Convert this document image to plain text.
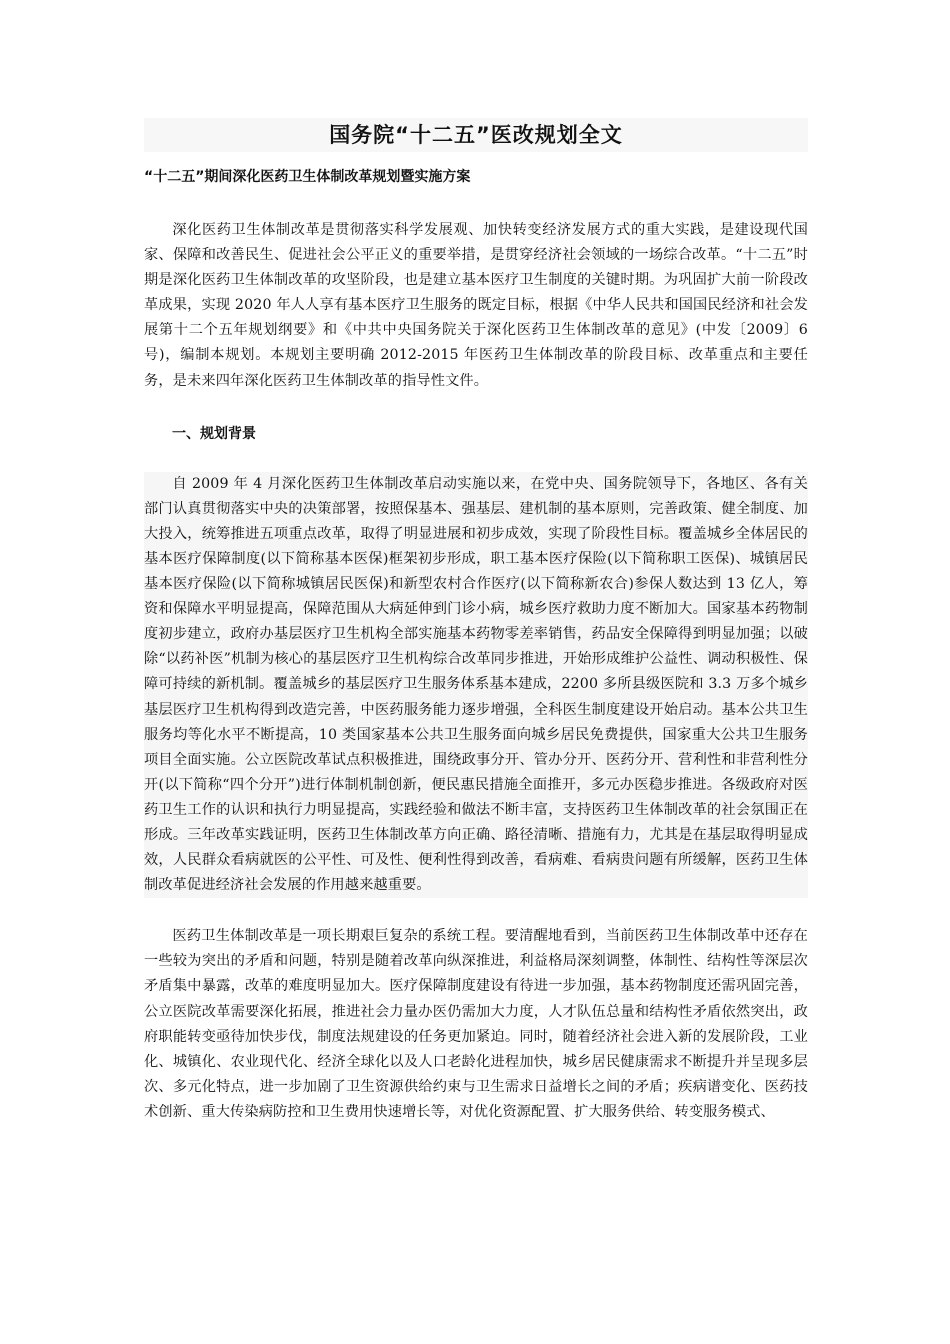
国务院“十二五”医改规划全文
“十二五”期间深化医药卫生体制改革规划暨实施方案

深化医药卫生体制改革是贯彻落实科学发展观、加快转变经济发展方式的重大实践，是建设现代国家、保障和改善民生、促进社会公平正义的重要举措，是贯穿经济社会领域的一场综合改革。“十二五”时期是深化医药卫生体制改革的攻坚阶段，也是建立基本医疗卫生制度的关键时期。为巩固扩大前一阶段改革成果，实现 2020 年人人享有基本医疗卫生服务的既定目标，根据《中华人民共和国国民经济和社会发展第十二个五年规划纲要》和《中共中央国务院关于深化医药卫生体制改革的意见》(中发〔2009〕6 号)，编制本规划。本规划主要明确 2012-2015 年医药卫生体制改革的阶段目标、改革重点和主要任务，是未来四年深化医药卫生体制改革的指导性文件。

一、规划背景

自 2009 年 4 月深化医药卫生体制改革启动实施以来，在党中央、国务院领导下，各地区、各有关部门认真贯彻落实中央的决策部署，按照保基本、强基层、建机制的基本原则，完善政策、健全制度、加大投入，统筹推进五项重点改革，取得了明显进展和初步成效，实现了阶段性目标。覆盖城乡全体居民的基本医疗保障制度(以下简称基本医保)框架初步形成，职工基本医疗保险(以下简称职工医保)、城镇居民基本医疗保险(以下简称城镇居民医保)和新型农村合作医疗(以下简称新农合)参保人数达到 13 亿人，筹资和保障水平明显提高，保障范围从大病延伸到门诊小病，城乡医疗救助力度不断加大。国家基本药物制度初步建立，政府办基层医疗卫生机构全部实施基本药物零差率销售，药品安全保障得到明显加强；以破除“以药补医”机制为核心的基层医疗卫生机构综合改革同步推进，开始形成维护公益性、调动积极性、保障可持续的新机制。覆盖城乡的基层医疗卫生服务体系基本建成，2200 多所县级医院和 3.3 万多个城乡基层医疗卫生机构得到改造完善，中医药服务能力逐步增强，全科医生制度建设开始启动。基本公共卫生服务均等化水平不断提高，10 类国家基本公共卫生服务面向城乡居民免费提供，国家重大公共卫生服务项目全面实施。公立医院改革试点积极推进，围绕政事分开、管办分开、医药分开、营利性和非营利性分开(以下简称“四个分开”)进行体制机制创新，便民惠民措施全面推开，多元办医稳步推进。各级政府对医药卫生工作的认识和执行力明显提高，实践经验和做法不断丰富，支持医药卫生体制改革的社会氛围正在形成。三年改革实践证明，医药卫生体制改革方向正确、路径清晰、措施有力，尤其是在基层取得明显成效，人民群众看病就医的公平性、可及性、便利性得到改善，看病难、看病贵问题有所缓解，医药卫生体制改革促进经济社会发展的作用越来越重要。

医药卫生体制改革是一项长期艰巨复杂的系统工程。要清醒地看到，当前医药卫生体制改革中还存在一些较为突出的矛盾和问题，特别是随着改革向纵深推进，利益格局深刻调整，体制性、结构性等深层次矛盾集中暴露，改革的难度明显加大。医疗保障制度建设有待进一步加强，基本药物制度还需巩固完善，公立医院改革需要深化拓展，推进社会力量办医仍需加大力度，人才队伍总量和结构性矛盾依然突出，政府职能转变亟待加快步伐，制度法规建设的任务更加紧迫。同时，随着经济社会进入新的发展阶段，工业化、城镇化、农业现代化、经济全球化以及人口老龄化进程加快，城乡居民健康需求不断提升并呈现多层次、多元化特点，进一步加剧了卫生资源供给约束与卫生需求日益增长之间的矛盾；疾病谱变化、医药技术创新、重大传染病防控和卫生费用快速增长等，对优化资源配置、扩大服务供给、转变服务模式、
